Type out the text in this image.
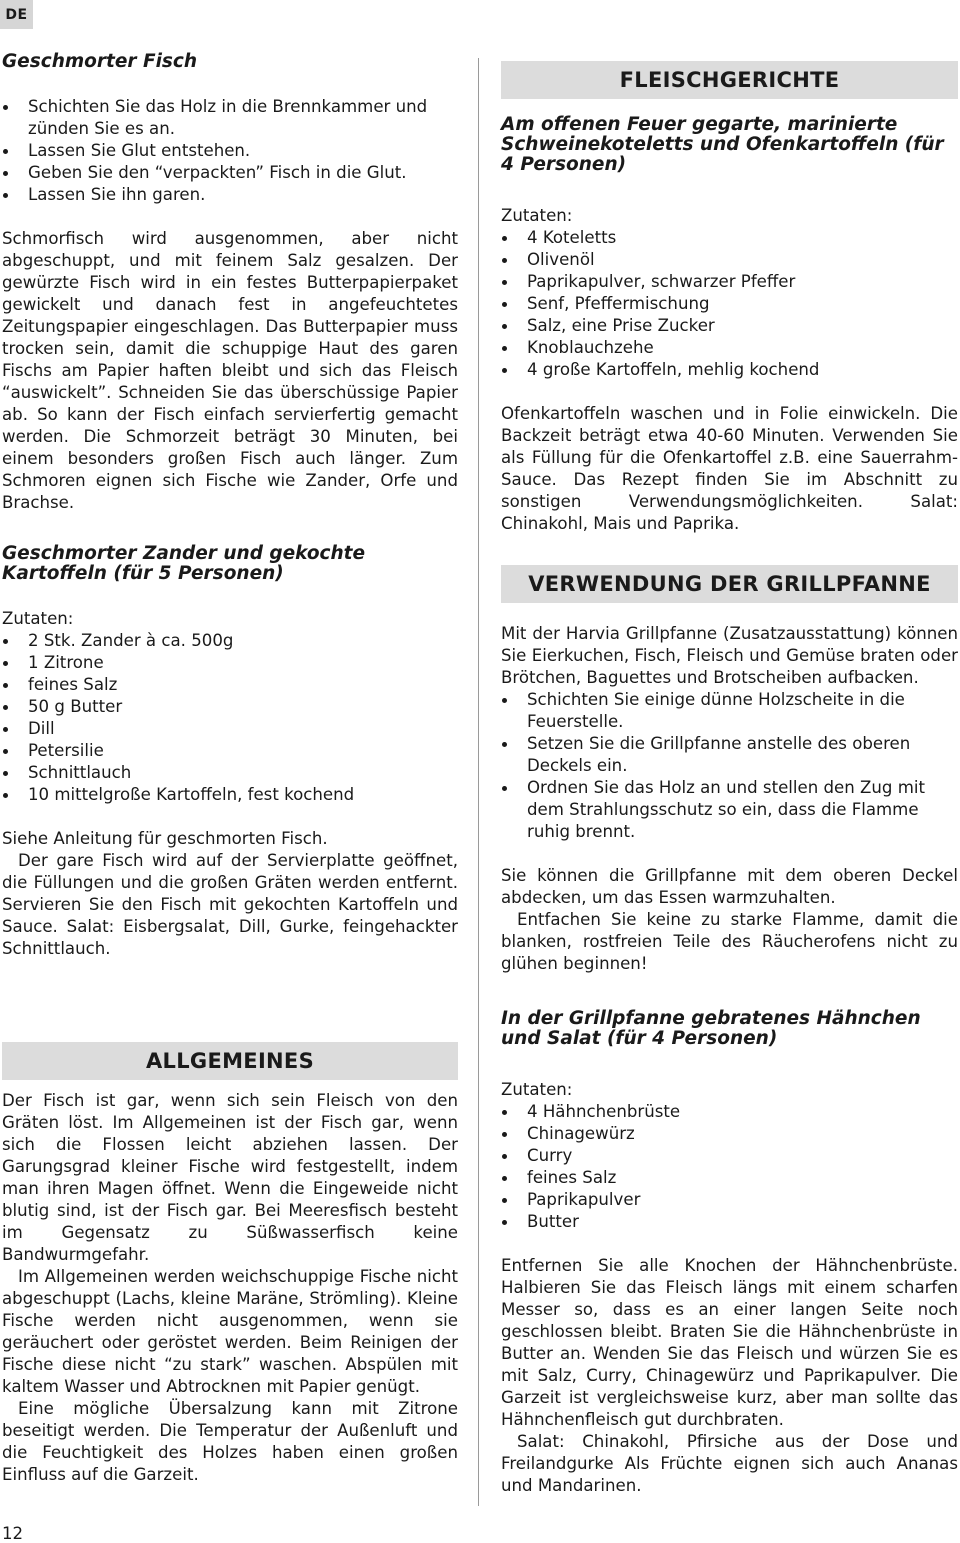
DE
Geschmorter Fisch
Schichten Sie das Holz in die Brennkammer und zünden Sie es an.
Lassen Sie Glut entstehen.
Geben Sie den “verpackten” Fisch in die Glut.
Lassen Sie ihn garen.

Schmorfisch wird ausgenommen, aber nicht abgeschuppt, und mit feinem Salz gesalzen. Der gewürzte Fisch wird in ein festes Butterpapierpaket gewickelt und danach fest in angefeuchtetes Zeitungspapier eingeschlagen. Das Butterpapier muss trocken sein, damit die schuppige Haut des garen Fischs am Papier haften bleibt und sich das Fleisch “auswickelt”. Schneiden Sie das überschüssige Papier ab. So kann der Fisch einfach servierfertig gemacht werden. Die Schmorzeit beträgt 30 Minuten, bei einem besonders großen Fisch auch länger. Zum Schmoren eignen sich Fische wie Zander, Orfe und Brachse.

Geschmorter Zander und gekochte Kartoffeln (für 5 Personen)

Zutaten:

2 Stk. Zander à ca. 500g
1 Zitrone
feines Salz
50 g Butter
Dill
Petersilie
Schnittlauch
10 mittelgroße Kartoffeln, fest kochend

Siehe Anleitung für geschmorten Fisch.

Der gare Fisch wird auf der Servierplatte geöffnet, die Füllungen und die großen Gräten werden entfernt. Servieren Sie den Fisch mit gekochten Kartoffeln und Sauce. Salat: Eisbergsalat, Dill, Gurke, feingehackter Schnittlauch.

ALLGEMEINES

Der Fisch ist gar, wenn sich sein Fleisch von den Gräten löst. Im Allgemeinen ist der Fisch gar, wenn sich die Flossen leicht abziehen lassen. Der Garungsgrad kleiner Fische wird festgestellt, indem man ihren Magen öffnet. Wenn die Eingeweide nicht blutig sind, ist der Fisch gar. Bei Meeresfisch besteht im Gegensatz zu Süßwasserfisch keine Bandwurmgefahr.

Im Allgemeinen werden weichschuppige Fische nicht abgeschuppt (Lachs, kleine Maräne, Strömling). Kleine Fische werden nicht ausgenommen, wenn sie geräuchert oder geröstet werden. Beim Reinigen der Fische diese nicht “zu stark” waschen. Abspülen mit kaltem Wasser und Abtrocknen mit Papier genügt.

Eine mögliche Übersalzung kann mit Zitrone beseitigt werden. Die Temperatur der Außenluft und die Feuchtigkeit des Holzes haben einen großen Einfluss auf die Garzeit.

FLEISCHGERICHTE
Am offenen Feuer gegarte, marinierte Schweinekoteletts und Ofenkartoffeln (für 4 Personen)

Zutaten:

4 Koteletts
Olivenöl
Paprikapulver, schwarzer Pfeffer
Senf, Pfeffermischung
Salz, eine Prise Zucker
Knoblauchzehe
4 große Kartoffeln, mehlig kochend

Ofenkartoffeln waschen und in Folie einwickeln. Die Backzeit beträgt etwa 40-60 Minuten. Verwenden Sie als Füllung für die Ofenkartoffel z.B. eine Sauerrahm-Sauce. Das Rezept finden Sie im Abschnitt zu sonstigen Verwendungsmöglichkeiten. Salat: Chinakohl, Mais und Paprika.

VERWENDUNG DER GRILLPFANNE

Mit der Harvia Grillpfanne (Zusatzausstattung) können Sie Eierkuchen, Fisch, Fleisch und Gemüse braten oder Brötchen, Baguettes und Brotscheiben aufbacken.

Schichten Sie einige dünne Holzscheite in die Feuerstelle.
Setzen Sie die Grillpfanne anstelle des oberen Deckels ein.
Ordnen Sie das Holz an und stellen den Zug mit dem Strahlungsschutz so ein, dass die Flamme ruhig brennt.

Sie können die Grillpfanne mit dem oberen Deckel abdecken, um das Essen warmzuhalten.

Entfachen Sie keine zu starke Flamme, damit die blanken, rostfreien Teile des Räucherofens nicht zu glühen beginnen!

In der Grillpfanne gebratenes Hähnchen und Salat (für 4 Personen)

Zutaten:

4 Hähnchenbrüste
Chinagewürz
Curry
feines Salz
Paprikapulver
Butter

Entfernen Sie alle Knochen der Hähnchenbrüste. Halbieren Sie das Fleisch längs mit einem scharfen Messer so, dass es an einer langen Seite noch geschlossen bleibt. Braten Sie die Hähnchenbrüste in Butter an. Wenden Sie das Fleisch und würzen Sie es mit Salz, Curry, Chinagewürz und Paprikapulver. Die Garzeit ist vergleichsweise kurz, aber man sollte das Hähnchenfleisch gut durchbraten.

Salat: Chinakohl, Pfirsiche aus der Dose und Freilandgurke Als Früchte eignen sich auch Ananas und Mandarinen.

12
